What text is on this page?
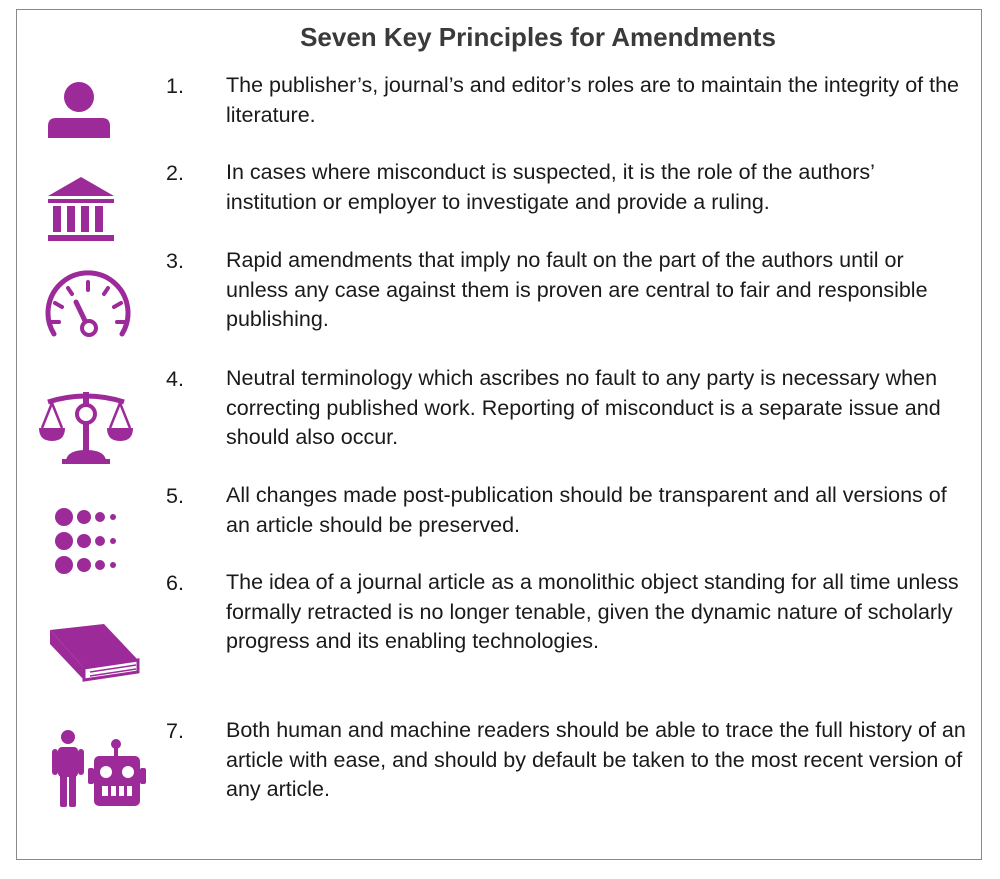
Seven Key Principles for Amendments
1. The publisher’s, journal’s and editor’s roles are to maintain the integrity of the literature.
2. In cases where misconduct is suspected, it is the role of the authors’ institution or employer to investigate and provide a ruling.
3. Rapid amendments that imply no fault on the part of the authors until or unless any case against them is proven are central to fair and responsible publishing.
4. Neutral terminology which ascribes no fault to any party is necessary when correcting published work. Reporting of misconduct is a separate issue and should also occur.
5. All changes made post-publication should be transparent and all versions of an article should be preserved.
6. The idea of a journal article as a monolithic object standing for all time unless formally retracted is no longer tenable, given the dynamic nature of scholarly progress and its enabling technologies.
7. Both human and machine readers should be able to trace the full history of an article with ease, and should by default be taken to the most recent version of any article.
